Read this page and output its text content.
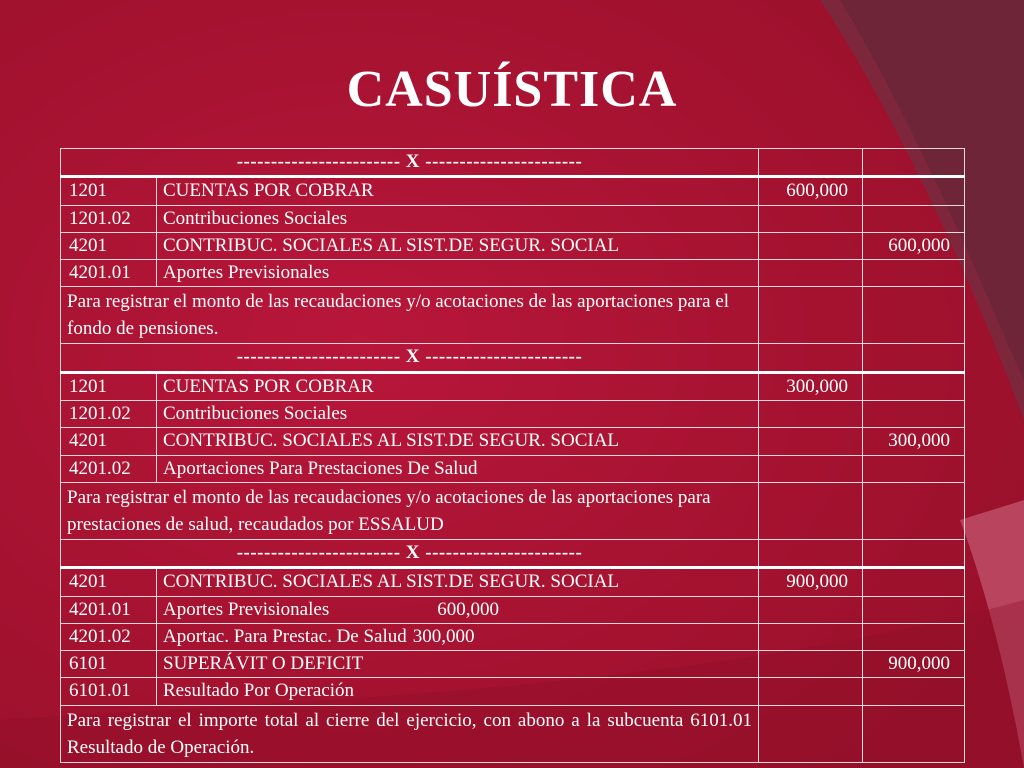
CASUÍSTICA
------------------------ X -----------------------			
1201	CUENTAS POR COBRAR	600,000	
1201.02	Contribuciones Sociales		
4201	CONTRIBUC. SOCIALES AL SIST.DE SEGUR. SOCIAL		600,000
4201.01	Aportes Previsionales		
Para registrar el monto de las recaudaciones y/o acotaciones de las aportaciones para el fondo de pensiones.			
------------------------ X -----------------------			
1201	CUENTAS POR COBRAR	300,000	
1201.02	Contribuciones Sociales		
4201	CONTRIBUC. SOCIALES AL SIST.DE SEGUR. SOCIAL		300,000
4201.02	Aportaciones Para Prestaciones De Salud		
Para registrar el monto de las recaudaciones y/o acotaciones de las aportaciones para prestaciones de salud, recaudados por ESSALUD			
------------------------ X -----------------------			
4201	CONTRIBUC. SOCIALES AL SIST.DE SEGUR. SOCIAL	900,000	
4201.01	Aportes Previsionales 600,000		
4201.02	Aportac. Para Prestac. De Salud 300,000		
6101	SUPERÁVIT O DEFICIT		900,000
6101.01	Resultado Por Operación		
Para registrar el importe total al cierre del ejercicio, con abono a la subcuenta 6101.01 Resultado de Operación.			
